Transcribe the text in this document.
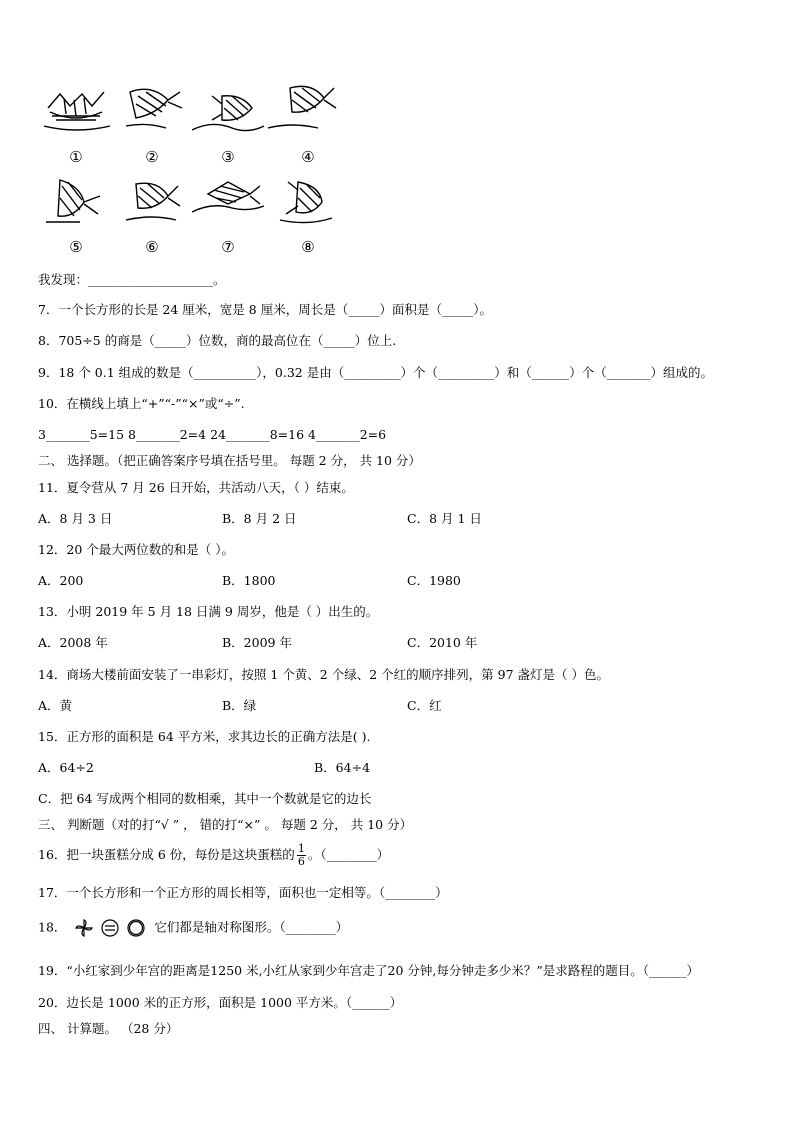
①	②	③	④
⑤	⑥	⑦	⑧
我发现：____________________。
7．一个长方形的长是 24 厘米，宽是 8 厘米，周长是（_____）面积是（_____）。
8．705÷5 的商是（_____）位数，商的最高位在（_____）位上.
9．18 个 0.1 组成的数是（__________），0.32 是由（_________）个（_________）和（______）个（_______）组成的。
10．在横线上填上“+”“-”“×”或“÷”.
3_______5=15 8_______2=4 24_______8=16 4_______2=6
二、 选择题。（把正确答案序号填在括号里。 每题 2 分， 共 10 分）
11．夏令营从 7 月 26 日开始，共活动八天，（ ）结束。
A．8 月 3 日	B．8 月 2 日	C．8 月 1 日
12．20 个最大两位数的和是（ ）。
A．200	B．1800	C．1980
13．小明 2019 年 5 月 18 日满 9 周岁，他是（ ）出生的。
A．2008 年	B．2009 年	C．2010 年
14．商场大楼前面安装了一串彩灯，按照 1 个黄、2 个绿、2 个红的顺序排列，第 97 盏灯是（ ）色。
A．黄	B．绿	C．红
15．正方形的面积是 64 平方米，求其边长的正确方法是( ).
A．64÷2	B．64÷4
C．把 64 写成两个相同的数相乘，其中一个数就是它的边长
三、 判断题（对的打“√ ” ， 错的打“×” 。 每题 2 分， 共 10 分）
16．把一块蛋糕分成 6 份，每份是这块蛋糕的 $\frac{1}{6}$ 。（________）
17．一个长方形和一个正方形的周长相等，面积也一定相等。（________）
18．	它们都是轴对称图形。（________）
19．“小红家到少年宫的距离是1250 米,小红从家到少年宫走了20 分钟,每分钟走多少米？”是求路程的题目。（______）
20．边长是 1000 米的正方形，面积是 1000 平方米。（______）
四、 计算题。 （28 分）
